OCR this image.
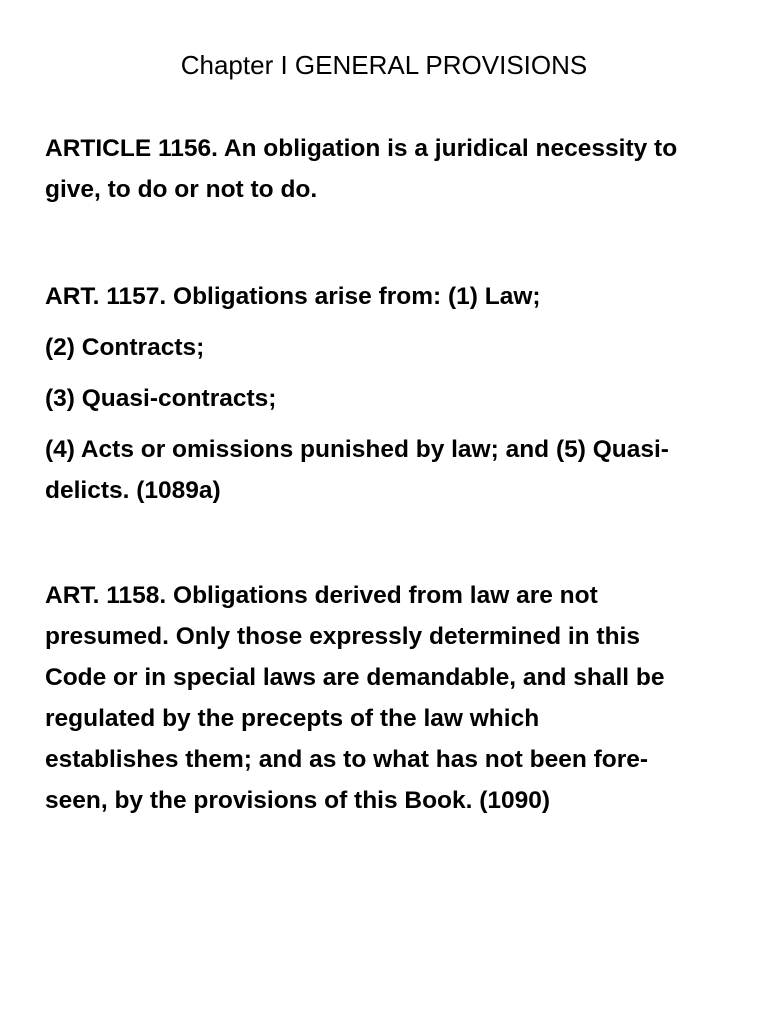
Chapter I GENERAL PROVISIONS

ARTICLE 1156. An obligation is a juridical necessity to
give, to do or not to do.

ART. 1157. Obligations arise from: (1) Law;
(2) Contracts;
(3) Quasi-contracts;
(4) Acts or omissions punished by law; and (5) Quasi-
delicts. (1089a)

ART. 1158. Obligations derived from law are not
presumed. Only those expressly determined in this
Code or in special laws are demandable, and shall be
regulated by the precepts of the law which
establishes them; and as to what has not been fore-
seen, by the provisions of this Book. (1090)
